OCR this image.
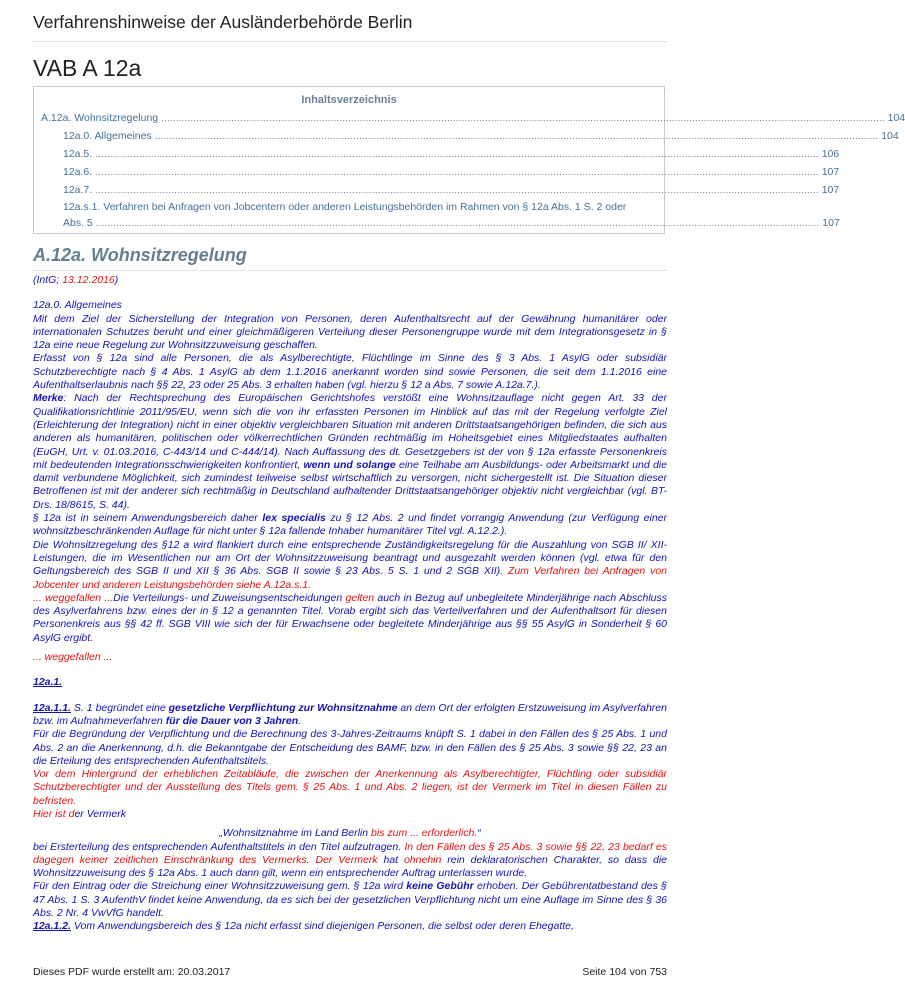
Verfahrenshinweise der Ausländerbehörde Berlin
VAB A 12a
Inhaltsverzeichnis
A.12a. Wohnsitzregelung ........................................................................................................................................................................................................................................................ 104
12a.0. Allgemeines ........................................................................................................................................................................................................................................................ 104
12a.5. ........................................................................................................................................................................................................................................................ 106
12a.6. ........................................................................................................................................................................................................................................................ 107
12a.7. ........................................................................................................................................................................................................................................................ 107
12a.s.1. Verfahren bei Anfragen von Jobcentern oder anderen Leistungsbehörden im Rahmen von § 12a Abs. 1 S. 2 oder
Abs. 5 ........................................................................................................................................................................................................................................................ 107
A.12a. Wohnsitzregelung

(IntG; 13.12.2016)

12a.0. Allgemeines

Mit dem Ziel der Sicherstellung der Integration von Personen, deren Aufenthaltsrecht auf der Gewährung humanitärer oder internationalen Schutzes beruht und einer gleichmäßigeren Verteilung dieser Personengruppe wurde mit dem Integrationsgesetz in § 12a eine neue Regelung zur Wohnsitzzuweisung geschaffen.

Erfasst von § 12a sind alle Personen, die als Asylberechtigte, Flüchtlinge im Sinne des § 3 Abs. 1 AsylG oder subsidiär Schutzberechtigte nach § 4 Abs. 1 AsylG ab dem 1.1.2016 anerkannt worden sind sowie Personen, die seit dem 1.1.2016 eine Aufenthaltserlaubnis nach §§ 22, 23 oder 25 Abs. 3 erhalten haben (vgl. hierzu § 12 a Abs. 7 sowie A.12a.7.).

Merke: Nach der Rechtsprechung des Europäischen Gerichtshofes verstößt eine Wohnsitzauflage nicht gegen Art. 33 der Qualifikationsrichtlinie 2011/95/EU, wenn sich die von ihr erfassten Personen im Hinblick auf das mit der Regelung verfolgte Ziel (Erleichterung der Integration) nicht in einer objektiv vergleichbaren Situation mit anderen Drittstaatsangehörigen befinden, die sich aus anderen als humanitären, politischen oder völkerrechtlichen Gründen rechtmäßig im Hoheitsgebiet eines Mitgliedstaates aufhalten (EuGH, Urt. v. 01.03.2016, C-443/14 und C-444/14). Nach Auffassung des dt. Gesetzgebers ist der von § 12a erfasste Personenkreis mit bedeutenden Integrationsschwierigkeiten konfrontiert, wenn und solange eine Teilhabe am Ausbildungs- oder Arbeitsmarkt und die damit verbundene Möglichkeit, sich zumindest teilweise selbst wirtschaftlich zu versorgen, nicht sichergestellt ist. Die Situation dieser Betroffenen ist mit der anderer sich rechtmäßig in Deutschland aufhaltender Drittstaatsangehöriger objektiv nicht vergleichbar (vgl. BT-Drs. 18/8615, S. 44).

§ 12a ist in seinem Anwendungsbereich daher lex specialis zu § 12 Abs. 2 und findet vorrangig Anwendung (zur Verfügung einer wohnsitzbeschränkenden Auflage für nicht unter § 12a fallende Inhaber humanitärer Titel vgl. A.12.2.).

Die Wohnsitzregelung des §12 a wird flankiert durch eine entsprechende Zuständigkeitsregelung für die Auszahlung von SGB II/ XII-Leistungen, die im Wesentlichen nur am Ort der Wohnsitzzuweisung beantragt und ausgezahlt werden können (vgl. etwa für den Geltungsbereich des SGB II und XII § 36 Abs. SGB II sowie § 23 Abs. 5 S. 1 und 2 SGB XII). Zum Verfahren bei Anfragen von Jobcenter und anderen Leistungsbehörden siehe A.12a.s.1.

... weggefallen ...Die Verteilungs- und Zuweisungsentscheidungen gelten auch in Bezug auf unbegleitete Minderjährige nach Abschluss des Asylverfahrens bzw. eines der in § 12 a genannten Titel. Vorab ergibt sich das Verteilverfahren und der Aufenthaltsort für diesen Personenkreis aus §§ 42 ff. SGB VIII wie sich der für Erwachsene oder begleitete Minderjährige aus §§ 55 AsylG in Sonderheit § 60 AsylG ergibt.

... weggefallen ...

12a.1.

12a.1.1. S. 1 begründet eine gesetzliche Verpflichtung zur Wohnsitznahme an dem Ort der erfolgten Erstzuweisung im Asylverfahren bzw. im Aufnahmeverfahren für die Dauer von 3 Jahren.

Für die Begründung der Verpflichtung und die Berechnung des 3-Jahres-Zeitraums knüpft S. 1 dabei in den Fällen des § 25 Abs. 1 und Abs. 2 an die Anerkennung, d.h. die Bekanntgabe der Entscheidung des BAMF, bzw. in den Fällen des § 25 Abs. 3 sowie §§ 22, 23 an die Erteilung des entsprechenden Aufenthaltstitels.

Vor dem Hintergrund der erheblichen Zeitabläufe, die zwischen der Anerkennung als Asylberechtigter, Flüchtling oder subsidiär Schutzberechtigter und der Ausstellung des Titels gem. § 25 Abs. 1 und Abs. 2 liegen, ist der Vermerk im Titel in diesen Fällen zu befristen.

Hier ist der Vermerk

„Wohnsitznahme im Land Berlin bis zum ... erforderlich.“

bei Ersterteilung des entsprechenden Aufenthaltstitels in den Titel aufzutragen. In den Fällen des § 25 Abs. 3 sowie §§ 22, 23 bedarf es dagegen keiner zeitlichen Einschränkung des Vermerks. Der Vermerk hat ohnehin rein deklaratorischen Charakter, so dass die Wohnsitzzuweisung des § 12a Abs. 1 auch dann gilt, wenn ein entsprechender Auftrag unterlassen wurde.

Für den Eintrag oder die Streichung einer Wohnsitzzuweisung gem. § 12a wird keine Gebühr erhoben. Der Gebührentatbestand des § 47 Abs. 1 S. 3 AufenthV findet keine Anwendung, da es sich bei der gesetzlichen Verpflichtung nicht um eine Auflage im Sinne des § 36 Abs. 2 Nr. 4 VwVfG handelt.

12a.1.2. Vom Anwendungsbereich des § 12a nicht erfasst sind diejenigen Personen, die selbst oder deren Ehegatte,

Dieses PDF wurde erstellt am: 20.03.2017	Seite 104 von 753
